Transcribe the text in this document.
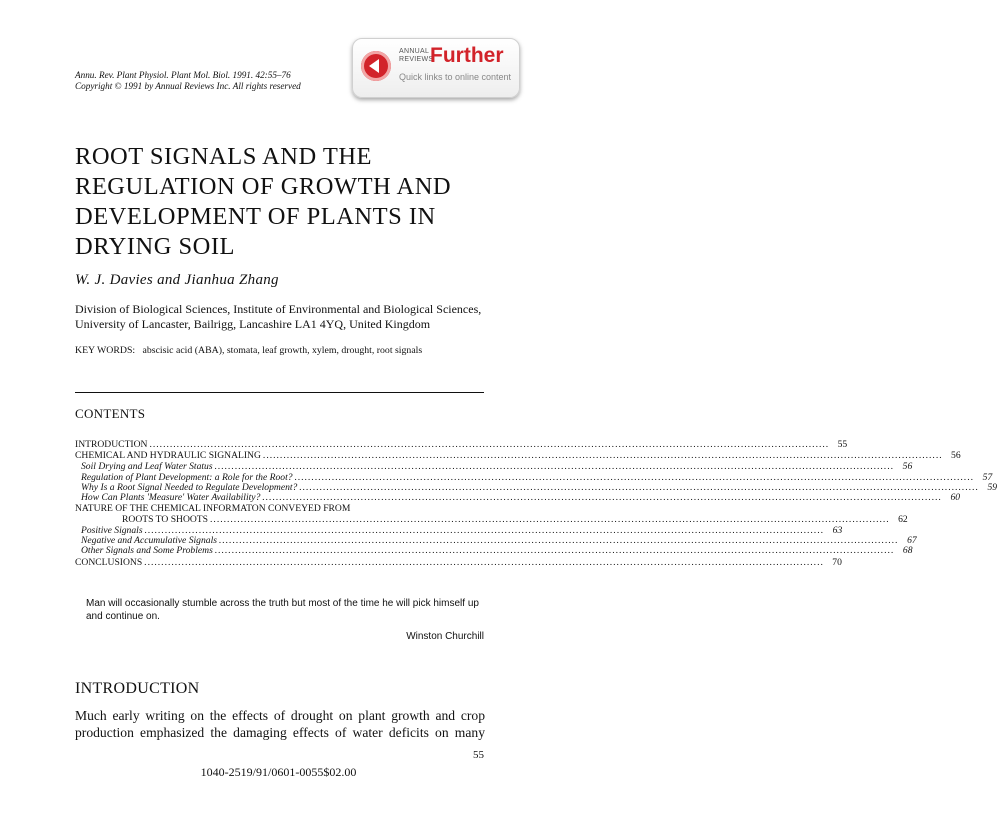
Annu. Rev. Plant Physiol. Plant Mol. Biol. 1991. 42:55–76
Copyright © 1991 by Annual Reviews Inc. All rights reserved
ANNUAL
REVIEWS
Further
Quick links to online content
ROOT SIGNALS AND THE
REGULATION OF GROWTH AND
DEVELOPMENT OF PLANTS IN
DRYING SOIL
W. J. Davies and Jianhua Zhang
Division of Biological Sciences, Institute of Environmental and Biological Sciences,
University of Lancaster, Bailrigg, Lancashire LA1 4YQ, United Kingdom
KEY WORDS: abscisic acid (ABA), stomata, leaf growth, xylem, drought, root signals
CONTENTS
INTRODUCTION ........................................................................................................................................................................................................ 55
CHEMICAL AND HYDRAULIC SIGNALING ........................................................................................................................................................................................................ 56
Soil Drying and Leaf Water Status ........................................................................................................................................................................................................ 56
Regulation of Plant Development: a Role for the Root? ........................................................................................................................................................................................................ 57
Why Is a Root Signal Needed to Regulate Development? ........................................................................................................................................................................................................ 59
How Can Plants 'Measure' Water Availability? ........................................................................................................................................................................................................ 60
NATURE OF THE CHEMICAL INFORMATON CONVEYED FROM
ROOTS TO SHOOTS ........................................................................................................................................................................................................ 62
Positive Signals ........................................................................................................................................................................................................ 63
Negative and Accumulative Signals ........................................................................................................................................................................................................ 67
Other Signals and Some Problems ........................................................................................................................................................................................................ 68
CONCLUSIONS ........................................................................................................................................................................................................ 70
Man will occasionally stumble across the truth but most of the time he will pick himself up and continue on.
Winston Churchill
INTRODUCTION
Much early writing on the effects of drought on plant growth and crop
production emphasized the damaging effects of water deficits on many
55
1040-2519/91/0601-0055$02.00
